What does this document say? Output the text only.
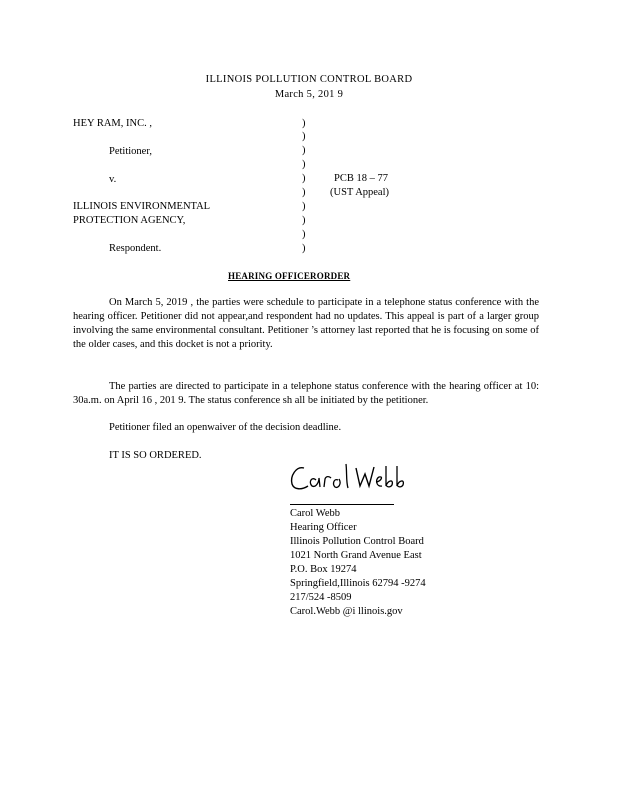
ILLINOIS POLLUTION CONTROL BOARD
March 5, 201 9
HEY RAM, INC. ,
Petitioner,
v.
ILLINOIS ENVIRONMENTAL
PROTECTION AGENCY,
Respondent.
)
)
)
)
)
)
)
)
)
)
PCB 18 – 77
(UST Appeal)
HEARING OFFICERORDER
On March 5, 2019 , the parties were schedule to participate in a telephone status conference with the hearing officer. Petitioner did not appear,and respondent had no updates. This appeal is part of a larger group involving the same environmental consultant. Petitioner ’s attorney last reported that he is focusing on some of the older cases, and this docket is not a priority.
The parties are directed to participate in a telephone status conference with the hearing officer at 10: 30a.m. on April 16 , 201 9. The status conference sh all be initiated by the petitioner.
Petitioner filed an openwaiver of the decision deadline.
IT IS SO ORDERED.
Carol Webb
Hearing Officer
Illinois Pollution Control Board
1021 North Grand Avenue East
P.O. Box 19274
Springfield,Illinois 62794 -9274
217/524 -8509
Carol.Webb @i llinois.gov
